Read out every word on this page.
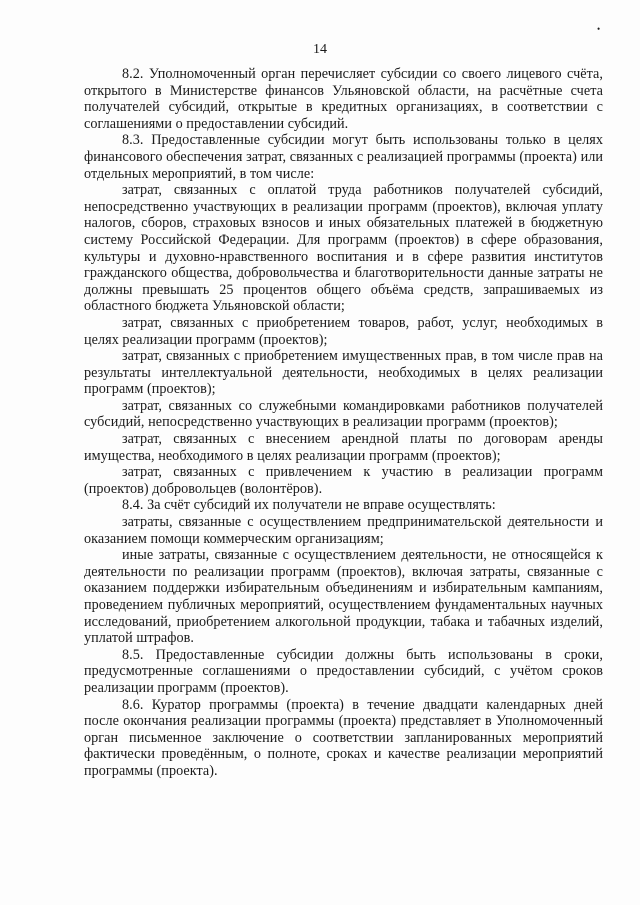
•
14

8.2. Уполномоченный орган перечисляет субсидии со своего лицевого счёта, открытого в Министерстве финансов Ульяновской области, на расчётные счета получателей субсидий, открытые в кредитных организациях, в соответствии с соглашениями о предоставлении субсидий.

8.3. Предоставленные субсидии могут быть использованы только в целях финансового обеспечения затрат, связанных с реализацией программы (проекта) или отдельных мероприятий, в том числе:

затрат, связанных с оплатой труда работников получателей субсидий, непосредственно участвующих в реализации программ (проектов), включая уплату налогов, сборов, страховых взносов и иных обязательных платежей в бюджетную систему Российской Федерации. Для программ (проектов) в сфере образования, культуры и духовно-нравственного воспитания и в сфере развития институтов гражданского общества, добровольчества и благотворительности данные затраты не должны превышать 25 процентов общего объёма средств, запрашиваемых из областного бюджета Ульяновской области;

затрат, связанных с приобретением товаров, работ, услуг, необходимых в целях реализации программ (проектов);

затрат, связанных с приобретением имущественных прав, в том числе прав на результаты интеллектуальной деятельности, необходимых в целях реализации программ (проектов);

затрат, связанных со служебными командировками работников получателей субсидий, непосредственно участвующих в реализации программ (проектов);

затрат, связанных с внесением арендной платы по договорам аренды имущества, необходимого в целях реализации программ (проектов);

затрат, связанных с привлечением к участию в реализации программ (проектов) добровольцев (волонтёров).

8.4. За счёт субсидий их получатели не вправе осуществлять:

затраты, связанные с осуществлением предпринимательской деятельности и оказанием помощи коммерческим организациям;

иные затраты, связанные с осуществлением деятельности, не относящейся к деятельности по реализации программ (проектов), включая затраты, связанные с оказанием поддержки избирательным объединениям и избирательным кампаниям, проведением публичных мероприятий, осуществлением фундаментальных научных исследований, приобретением алкогольной продукции, табака и табачных изделий, уплатой штрафов.

8.5. Предоставленные субсидии должны быть использованы в сроки, предусмотренные соглашениями о предоставлении субсидий, с учётом сроков реализации программ (проектов).

8.6. Куратор программы (проекта) в течение двадцати календарных дней после окончания реализации программы (проекта) представляет в Уполномоченный орган письменное заключение о соответствии запланированных мероприятий фактически проведённым, о полноте, сроках и качестве реализации мероприятий программы (проекта).
